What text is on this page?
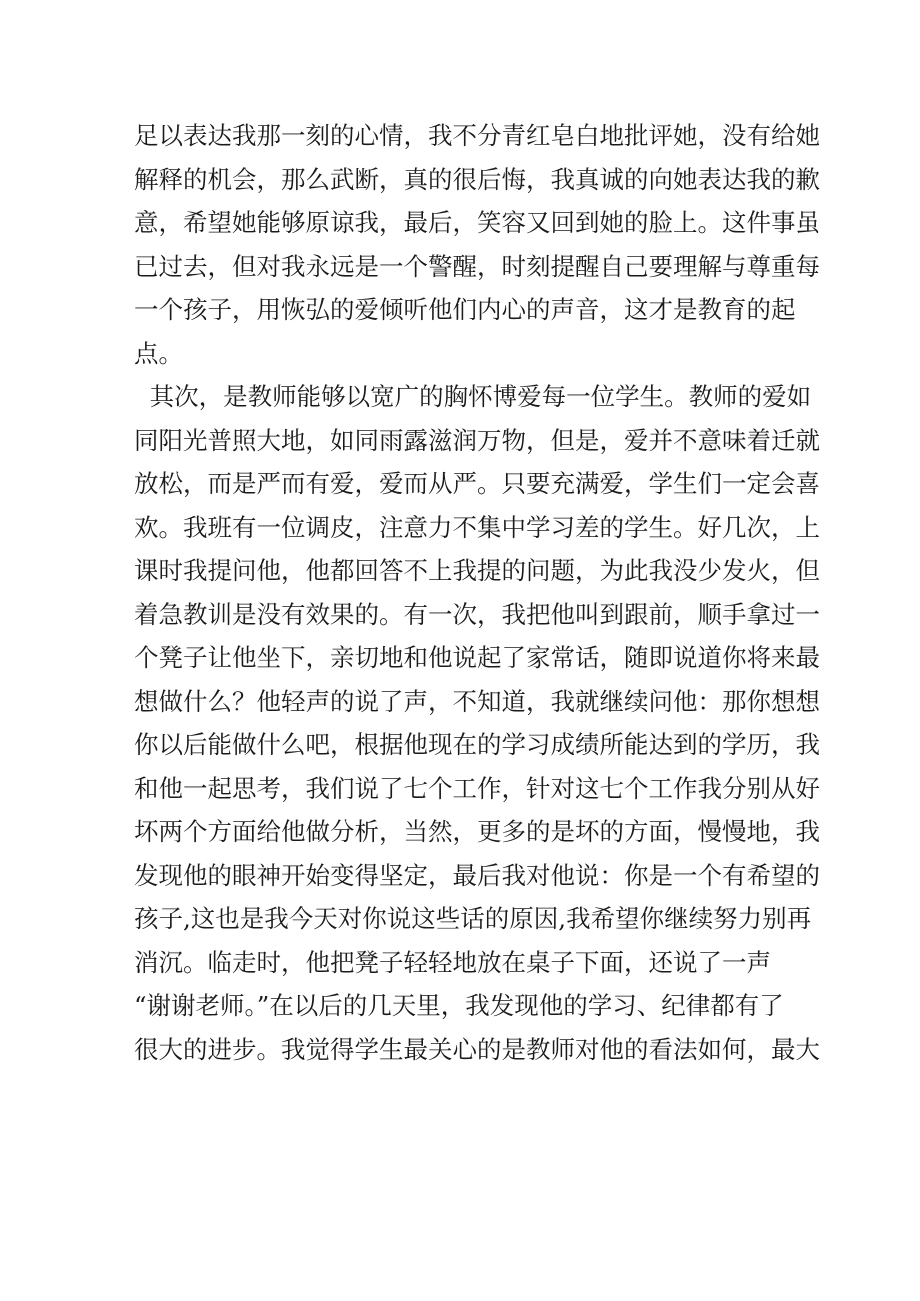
足以表达我那一刻的心情，我不分青红皂白地批评她，没有给她
解释的机会，那么武断，真的很后悔，我真诚的向她表达我的歉
意，希望她能够原谅我，最后，笑容又回到她的脸上。这件事虽
已过去，但对我永远是一个警醒，时刻提醒自己要理解与尊重每
一个孩子，用恢弘的爱倾听他们内心的声音，这才是教育的起
点。
其次，是教师能够以宽广的胸怀博爱每一位学生。教师的爱如
同阳光普照大地，如同雨露滋润万物，但是，爱并不意味着迁就
放松，而是严而有爱，爱而从严。只要充满爱，学生们一定会喜
欢。我班有一位调皮，注意力不集中学习差的学生。好几次，上
课时我提问他，他都回答不上我提的问题，为此我没少发火，但
着急教训是没有效果的。有一次，我把他叫到跟前，顺手拿过一
个凳子让他坐下，亲切地和他说起了家常话，随即说道你将来最
想做什么？他轻声的说了声，不知道，我就继续问他：那你想想
你以后能做什么吧，根据他现在的学习成绩所能达到的学历，我
和他一起思考，我们说了七个工作，针对这七个工作我分别从好
坏两个方面给他做分析，当然，更多的是坏的方面，慢慢地，我
发现他的眼神开始变得坚定，最后我对他说：你是一个有希望的
孩子,这也是我今天对你说这些话的原因,我希望你继续努力别再
消沉。临走时，他把凳子轻轻地放在桌子下面，还说了一声
“谢谢老师。”在以后的几天里，我发现他的学习、纪律都有了
很大的进步。我觉得学生最关心的是教师对他的看法如何，最大
